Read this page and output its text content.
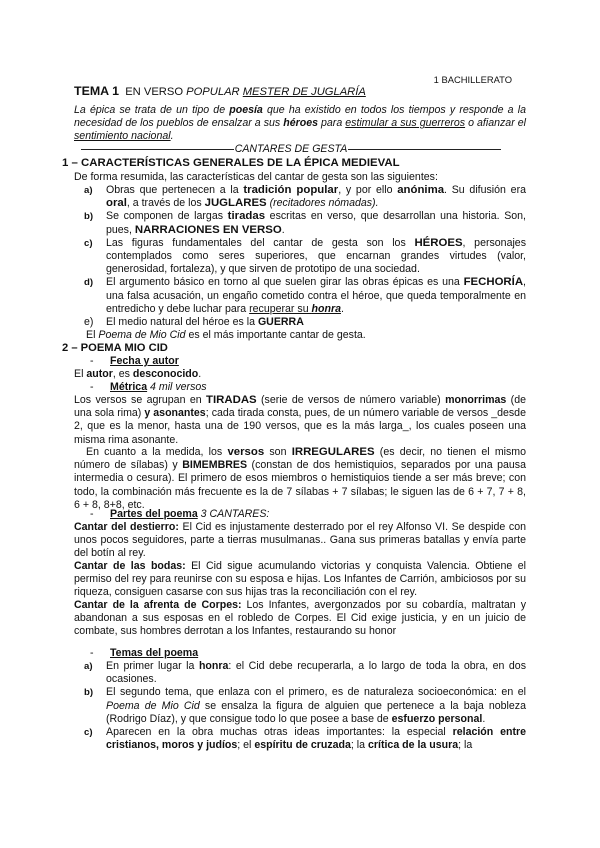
1 BACHILLERATO
TEMA 1 EN VERSO POPULAR MESTER DE JUGLARÍA
La épica se trata de un tipo de poesía que ha existido en todos los tiempos y responde a la necesidad de los pueblos de ensalzar a sus héroes para estimular a sus guerreros o afianzar el sentimiento nacional.
CANTARES DE GESTA
1 – CARACTERÍSTICAS GENERALES DE LA ÉPICA MEDIEVAL
De forma resumida, las características del cantar de gesta son las siguientes:
a) Obras que pertenecen a la tradición popular, y por ello anónima. Su difusión era oral, a través de los JUGLARES (recitadores nómadas).
b) Se componen de largas tiradas escritas en verso, que desarrollan una historia. Son, pues, NARRACIONES EN VERSO.
c) Las figuras fundamentales del cantar de gesta son los HÉROES, personajes contemplados como seres superiores, que encarnan grandes virtudes (valor, generosidad, fortaleza), y que sirven de prototipo de una sociedad.
d) El argumento básico en torno al que suelen girar las obras épicas es una FECHORÍA, una falsa acusación, un engaño cometido contra el héroe, que queda temporalmente en entredicho y debe luchar para recuperar su honra.
e) El medio natural del héroe es la GUERRA
El Poema de Mio Cid es el más importante cantar de gesta.
2 – POEMA MIO CID
- Fecha y autor
El autor, es desconocido.
- Métrica 4 mil versos
Los versos se agrupan en TIRADAS (serie de versos de número variable) monorrimas (de una sola rima) y asonantes; cada tirada consta, pues, de un número variable de versos _desde 2, que es la menor, hasta una de 190 versos, que es la más larga_, los cuales poseen una misma rima asonante.
En cuanto a la medida, los versos son IRREGULARES (es decir, no tienen el mismo número de sílabas) y BIMEMBRES (constan de dos hemistiquios, separados por una pausa intermedia o cesura). El primero de esos miembros o hemistiquios tiende a ser más breve; con todo, la combinación más frecuente es la de 7 sílabas + 7 sílabas; le siguen las de 6 + 7, 7 + 8, 6 + 8, 8+8, etc.
- Partes del poema 3 CANTARES:
Cantar del destierro: El Cid es injustamente desterrado por el rey Alfonso VI. Se despide con unos pocos seguidores, parte a tierras musulmanas.. Gana sus primeras batallas y envía parte del botín al rey.
Cantar de las bodas: El Cid sigue acumulando victorias y conquista Valencia. Obtiene el permiso del rey para reunirse con su esposa e hijas. Los Infantes de Carrión, ambiciosos por su riqueza, consiguen casarse con sus hijas tras la reconciliación con el rey.
Cantar de la afrenta de Corpes: Los Infantes, avergonzados por su cobardía, maltratan y abandonan a sus esposas en el robledo de Corpes. El Cid exige justicia, y en un juicio de combate, sus hombres derrotan a los Infantes, restaurando su honor
- Temas del poema
a) En primer lugar la honra: el Cid debe recuperarla, a lo largo de toda la obra, en dos ocasiones.
b) El segundo tema, que enlaza con el primero, es de naturaleza socioeconómica: en el Poema de Mio Cid se ensalza la figura de alguien que pertenece a la baja nobleza (Rodrigo Díaz), y que consigue todo lo que posee a base de esfuerzo personal.
c) Aparecen en la obra muchas otras ideas importantes: la especial relación entre cristianos, moros y judíos; el espíritu de cruzada; la crítica de la usura; la
